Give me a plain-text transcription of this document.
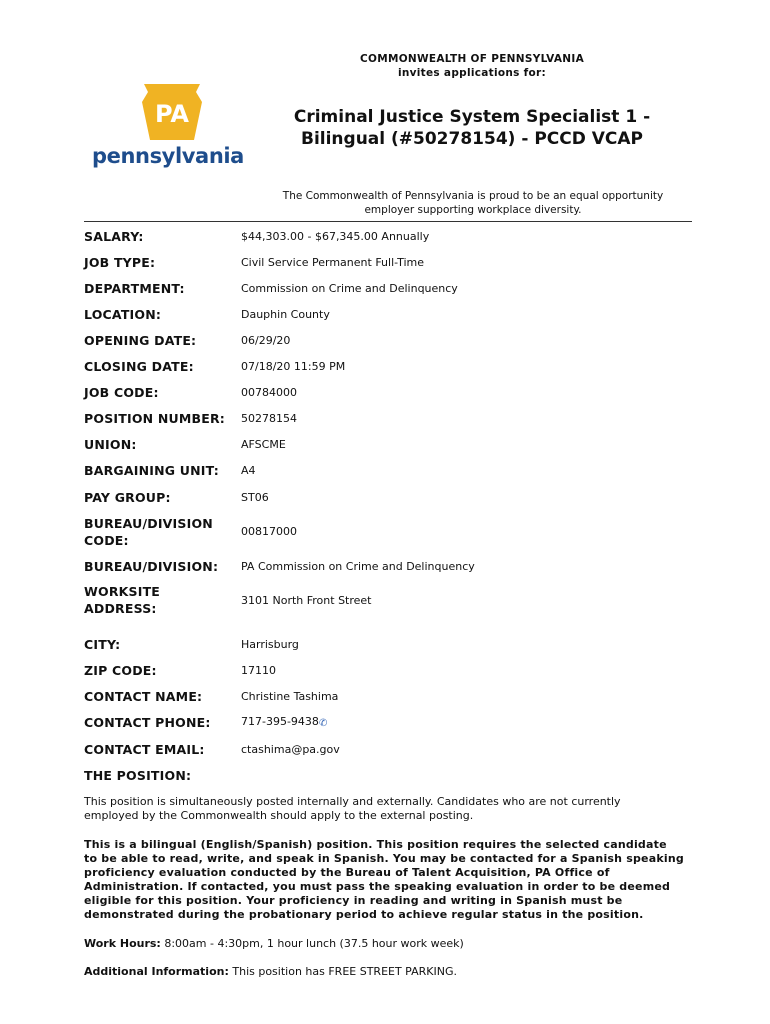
PA
pennsylvania
COMMONWEALTH OF PENNSYLVANIA
invites applications for:
Criminal Justice System Specialist 1 -
Bilingual (#50278154) - PCCD VCAP
The Commonwealth of Pennsylvania is proud to be an equal opportunity
employer supporting workplace diversity.
SALARY:	$44,303.00 - $67,345.00 Annually
JOB TYPE:	Civil Service Permanent Full-Time
DEPARTMENT:	Commission on Crime and Delinquency
LOCATION:	Dauphin County
OPENING DATE:	06/29/20
CLOSING DATE:	07/18/20 11:59 PM
JOB CODE:	00784000
POSITION NUMBER:	50278154
UNION:	AFSCME
BARGAINING UNIT:	A4
PAY GROUP:	ST06
BUREAU/DIVISION
CODE:
00817000
BUREAU/DIVISION:	PA Commission on Crime and Delinquency
WORKSITE
ADDRESS:
3101 North Front Street
CITY:	Harrisburg
ZIP CODE:	17110
CONTACT NAME:	Christine Tashima
CONTACT PHONE:	717-395-9438✆
CONTACT EMAIL:	ctashima@pa.gov
THE POSITION:
This position is simultaneously posted internally and externally. Candidates who are not currently
employed by the Commonwealth should apply to the external posting.
This is a bilingual (English/Spanish) position. This position requires the selected candidate
to be able to read, write, and speak in Spanish. You may be contacted for a Spanish speaking
proficiency evaluation conducted by the Bureau of Talent Acquisition, PA Office of
Administration. If contacted, you must pass the speaking evaluation in order to be deemed
eligible for this position. Your proficiency in reading and writing in Spanish must be
demonstrated during the probationary period to achieve regular status in the position.
Work Hours: 8:00am - 4:30pm, 1 hour lunch (37.5 hour work week)
Additional Information: This position has FREE STREET PARKING.
